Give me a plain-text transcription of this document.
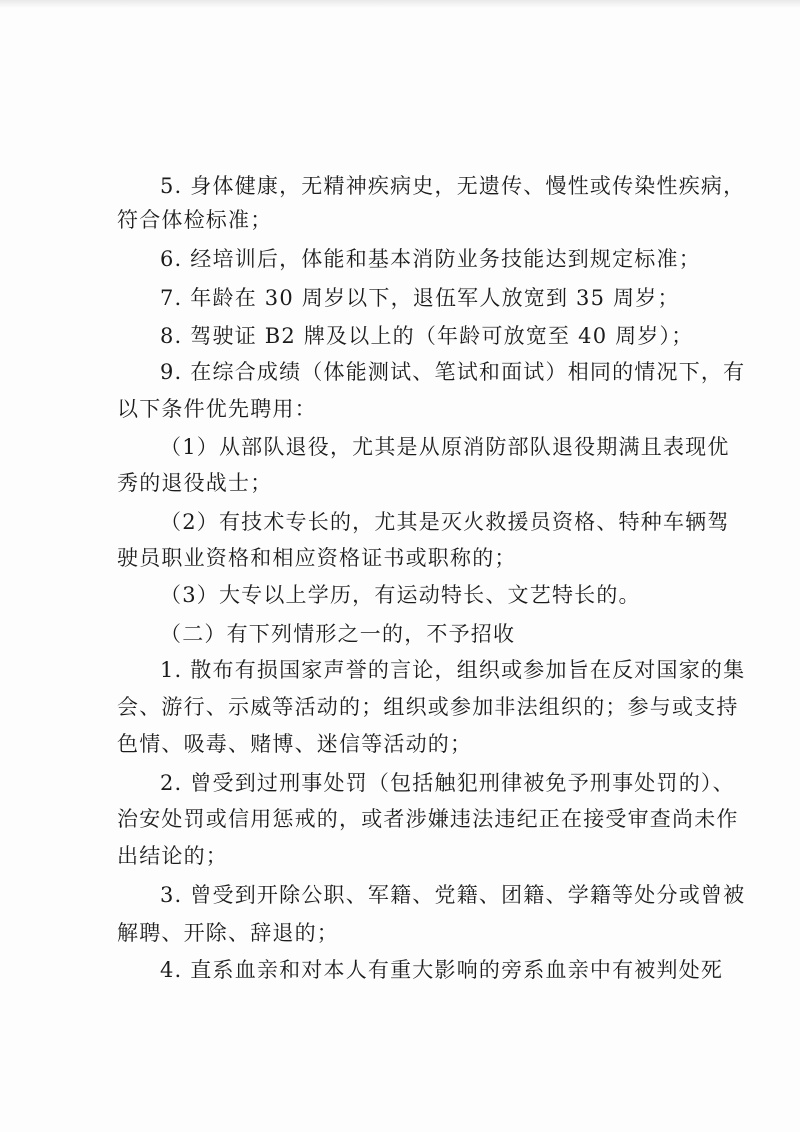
5. 身体健康，无精神疾病史，无遗传、慢性或传染性疾病，
符合体检标准；
6. 经培训后，体能和基本消防业务技能达到规定标准；
7. 年龄在 30 周岁以下，退伍军人放宽到 35 周岁；
8. 驾驶证 B2 牌及以上的（年龄可放宽至 40 周岁）；
9. 在综合成绩（体能测试、笔试和面试）相同的情况下，有
以下条件优先聘用：
（1）从部队退役，尤其是从原消防部队退役期满且表现优
秀的退役战士；
（2）有技术专长的，尤其是灭火救援员资格、特种车辆驾
驶员职业资格和相应资格证书或职称的；
（3）大专以上学历，有运动特长、文艺特长的。
（二）有下列情形之一的，不予招收
1. 散布有损国家声誉的言论，组织或参加旨在反对国家的集
会、游行、示威等活动的；组织或参加非法组织的；参与或支持
色情、吸毒、赌博、迷信等活动的；
2. 曾受到过刑事处罚（包括触犯刑律被免予刑事处罚的）、
治安处罚或信用惩戒的，或者涉嫌违法违纪正在接受审查尚未作
出结论的；
3. 曾受到开除公职、军籍、党籍、团籍、学籍等处分或曾被
解聘、开除、辞退的；
4. 直系血亲和对本人有重大影响的旁系血亲中有被判处死
